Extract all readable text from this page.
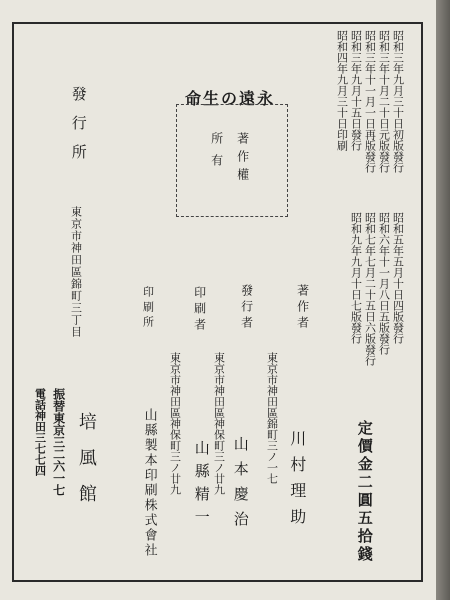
昭和三年九月三十日初版發行
昭和三年十月二十日元版發行
昭和三年十一月一日再版發行
昭和三年九月十五日發行
昭和四年九月三十日印刷
昭和五年五月十日四版發行
昭和六年十一月八日五版發行
昭和七年七月二十五日六版發行
昭和九年九月十日七版發行
定價金二圓五拾錢
命生の遠永
著作權
所有
著作者
東京市神田區錦町三ノ一七 川村理助
發行者
東京市神田區神保町三ノ廿九 山本慶治
印刷者
東京市神田區神保町三ノ廿九 山縣精一
印刷所
山縣製本印刷株式會社
發行所
東京市神田區錦町三丁目
培風館
振替東京三二六一七
電話神田三七七四
